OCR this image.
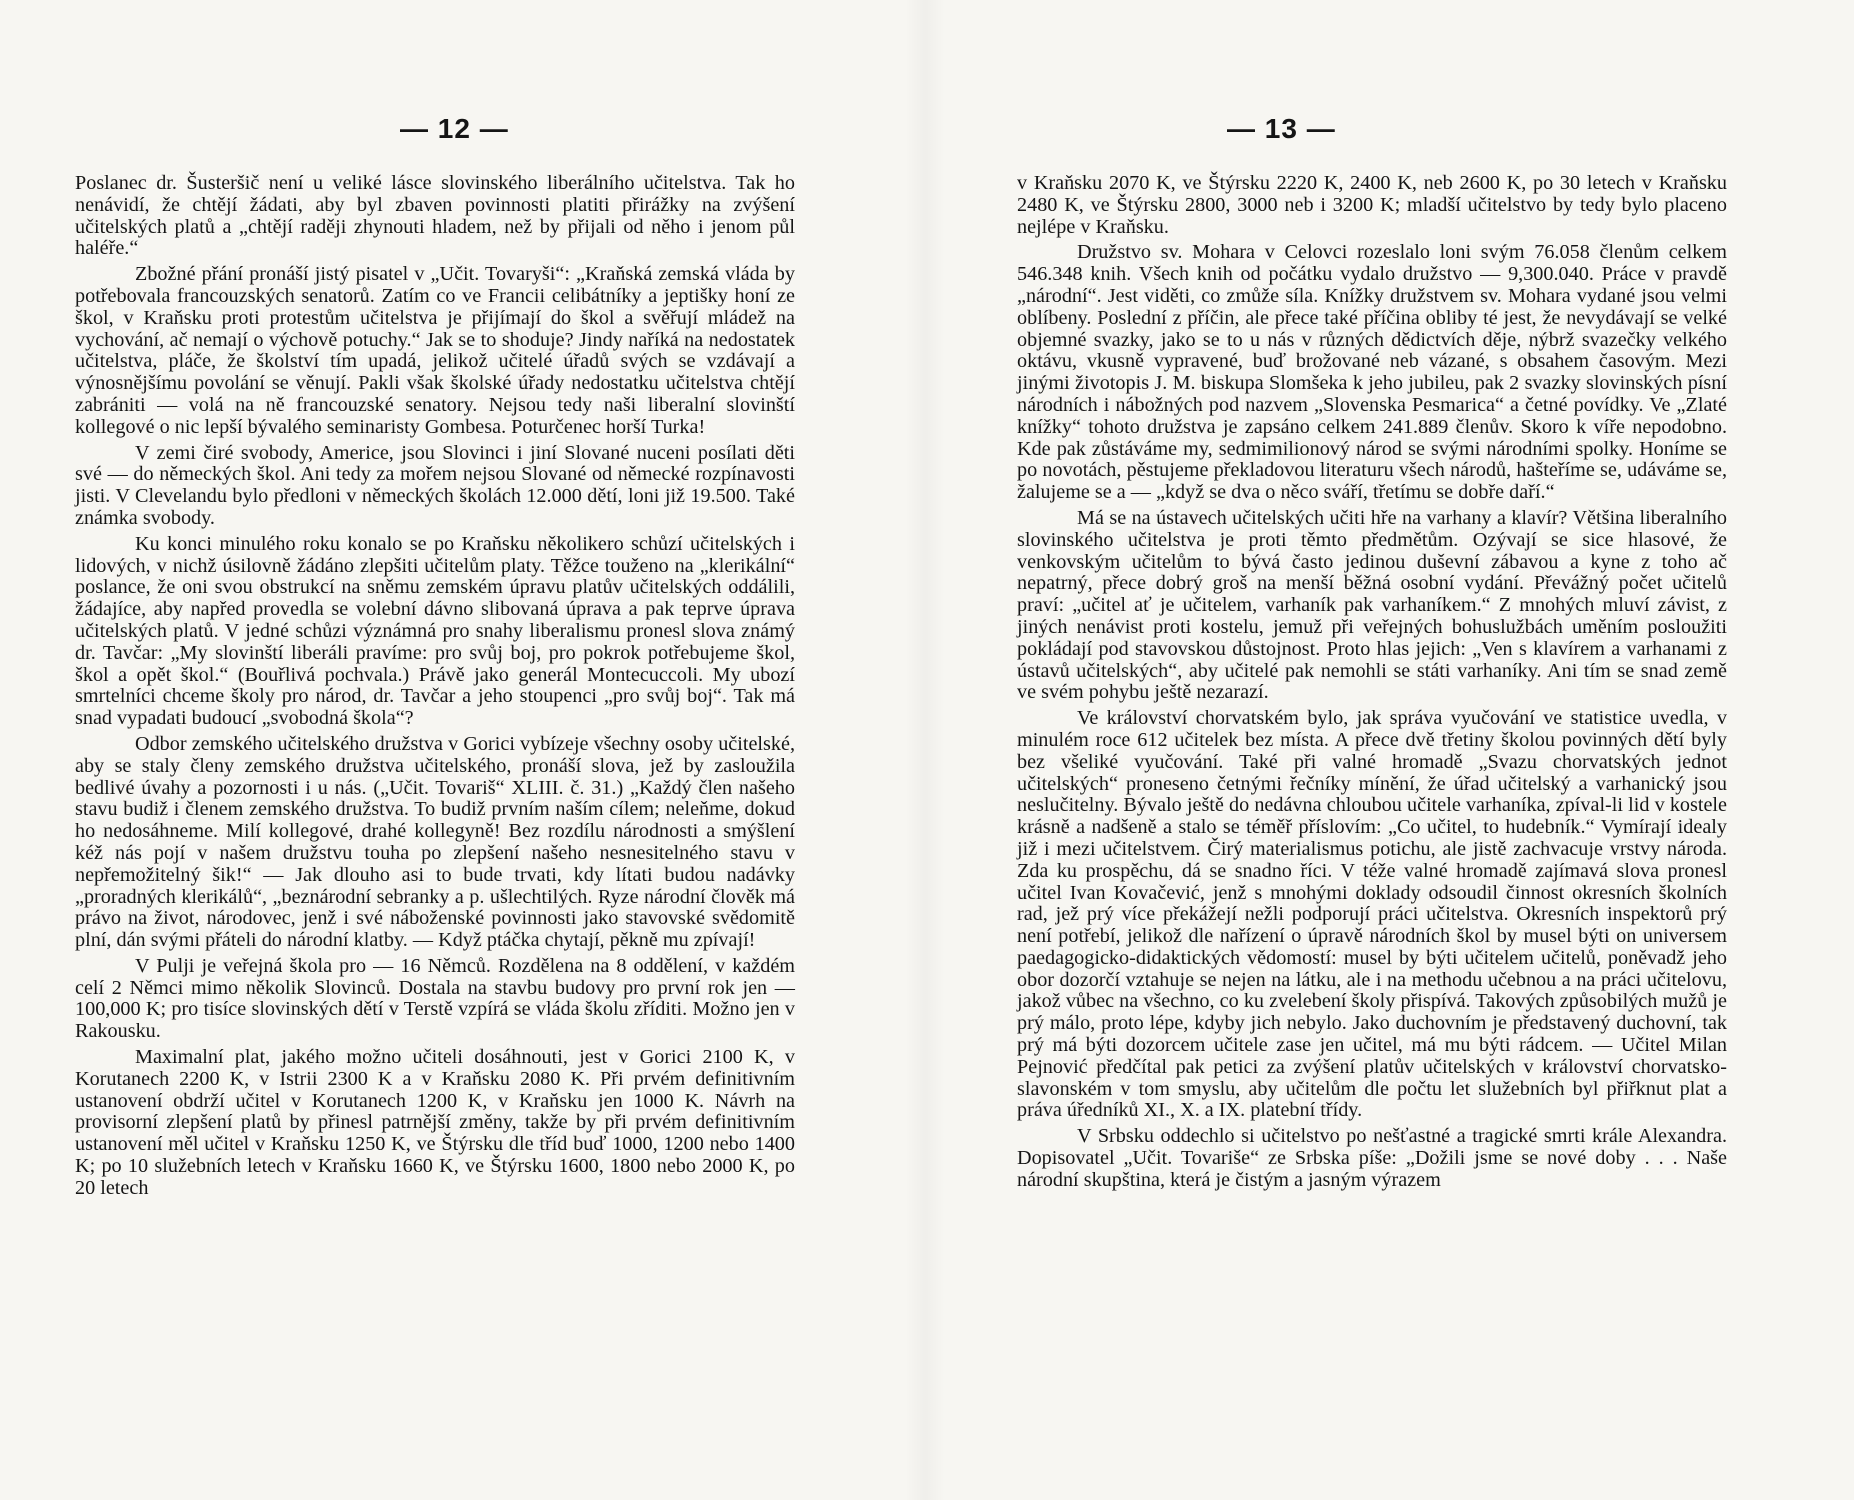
— 12 —

Poslanec dr. Šusteršič není u veliké lásce slovinského liberálního učitelstva. Tak ho nenávidí, že chtějí žádati, aby byl zbaven povinnosti platiti přirážky na zvýšení učitelských platů a „chtějí raději zhynouti hladem, než by přijali od něho i jenom půl haléře.“

Zbožné přání pronáší jistý pisatel v „Učit. Tovaryši“: „Kraňská zemská vláda by potřebovala francouzských senatorů. Zatím co ve Francii celibátníky a jeptišky honí ze škol, v Kraňsku proti protestům učitelstva je přijímají do škol a svěřují mládež na vychování, ač nemají o výchově potuchy.“ Jak se to shoduje? Jindy naříká na nedostatek učitelstva, pláče, že školství tím upadá, jelikož učitelé úřadů svých se vzdávají a výnosnějšímu povolání se věnují. Pakli však školské úřady nedostatku učitelstva chtějí zabrániti — volá na ně francouzské senatory. Nejsou tedy naši liberalní slovinští kollegové o nic lepší bývalého seminaristy Gombesa. Poturčenec horší Turka!

V zemi čiré svobody, Americe, jsou Slovinci i jiní Slované nuceni posílati děti své — do německých škol. Ani tedy za mořem nejsou Slované od německé rozpínavosti jisti. V Clevelandu bylo předloni v německých školách 12.000 dětí, loni již 19.500. Také známka svobody.

Ku konci minulého roku konalo se po Kraňsku několikero schůzí učitelských i lidových, v nichž úsilovně žádáno zlepšiti učitelům platy. Těžce touženo na „klerikální“ poslance, že oni svou obstrukcí na sněmu zemském úpravu platův učitelských oddálili, žádajíce, aby napřed provedla se volební dávno slibovaná úprava a pak teprve úprava učitelských platů. V jedné schůzi význámná pro snahy liberalismu pronesl slova známý dr. Tavčar: „My slovinští liberáli pravíme: pro svůj boj, pro pokrok potřebujeme škol, škol a opět škol.“ (Bouřlivá pochvala.) Právě jako generál Montecuccoli. My ubozí smrtelníci chceme školy pro národ, dr. Tavčar a jeho stoupenci „pro svůj boj“. Tak má snad vypadati budoucí „svobodná škola“?

Odbor zemského učitelského družstva v Gorici vybízeje všechny osoby učitelské, aby se staly členy zemského družstva učitelského, pronáší slova, jež by zasloužila bedlivé úvahy a pozornosti i u nás. („Učit. Tovariš“ XLIII. č. 31.) „Každý člen našeho stavu budiž i členem zemského družstva. To budiž prvním naším cílem; neleňme, dokud ho nedosáhneme. Milí kollegové, drahé kollegyně! Bez rozdílu národnosti a smýšlení kéž nás pojí v našem družstvu touha po zlepšení našeho nesnesitelného stavu v nepřemožitelný šik!“ — Jak dlouho asi to bude trvati, kdy lítati budou nadávky „proradných klerikálů“, „beznárodní sebranky a p. ušlechtilých. Ryze národní člověk má právo na život, národovec, jenž i své náboženské povinnosti jako stavovské svědomitě plní, dán svými přáteli do národní klatby. — Když ptáčka chytají, pěkně mu zpívají!

V Pulji je veřejná škola pro — 16 Němců. Rozdělena na 8 oddělení, v každém celí 2 Němci mimo několik Slovinců. Dostala na stavbu budovy pro první rok jen — 100,000 K; pro tisíce slovinských dětí v Terstě vzpírá se vláda školu zříditi. Možno jen v Rakousku.

Maximalní plat, jakého možno učiteli dosáhnouti, jest v Gorici 2100 K, v Korutanech 2200 K, v Istrii 2300 K a v Kraňsku 2080 K. Při prvém definitivním ustanovení obdrží učitel v Korutanech 1200 K, v Kraňsku jen 1000 K. Návrh na provisorní zlepšení platů by přinesl patrnější změny, takže by při prvém definitivním ustanovení měl učitel v Kraňsku 1250 K, ve Štýrsku dle tříd buď 1000, 1200 nebo 1400 K; po 10 služebních letech v Kraňsku 1660 K, ve Štýrsku 1600, 1800 nebo 2000 K, po 20 letech

— 13 —

v Kraňsku 2070 K, ve Štýrsku 2220 K, 2400 K, neb 2600 K, po 30 letech v Kraňsku 2480 K, ve Štýrsku 2800, 3000 neb i 3200 K; mladší učitelstvo by tedy bylo placeno nejlépe v Kraňsku.

Družstvo sv. Mohara v Celovci rozeslalo loni svým 76.058 členům celkem 546.348 knih. Všech knih od počátku vydalo družstvo — 9,300.040. Práce v pravdě „národní“. Jest viděti, co zmůže síla. Knížky družstvem sv. Mohara vydané jsou velmi oblíbeny. Poslední z příčin, ale přece také příčina obliby té jest, že nevydávají se velké objemné svazky, jako se to u nás v různých dědictvích děje, nýbrž svazečky velkého oktávu, vkusně vypravené, buď brožované neb vázané, s obsahem časovým. Mezi jinými životopis J. M. biskupa Slomšeka k jeho jubileu, pak 2 svazky slovinských písní národních i nábožných pod nazvem „Slovenska Pesmarica“ a četné povídky. Ve „Zlaté knížky“ tohoto družstva je zapsáno celkem 241.889 členův. Skoro k víře nepodobno. Kde pak zůstáváme my, sedmimilionový národ se svými národními spolky. Honíme se po novotách, pěstujeme překladovou literaturu všech národů, hašteříme se, udáváme se, žalujeme se a — „když se dva o něco sváří, třetímu se dobře daří.“

Má se na ústavech učitelských učiti hře na varhany a klavír? Většina liberalního slovinského učitelstva je proti těmto předmětům. Ozývají se sice hlasové, že venkovským učitelům to bývá často jedinou duševní zábavou a kyne z toho ač nepatrný, přece dobrý groš na menší běžná osobní vydání. Převážný počet učitelů praví: „učitel ať je učitelem, varhaník pak varhaníkem.“ Z mnohých mluví závist, z jiných nenávist proti kostelu, jemuž při veřejných bohuslužbách uměním posloužiti pokládají pod stavovskou důstojnost. Proto hlas jejich: „Ven s klavírem a varhanami z ústavů učitelských“, aby učitelé pak nemohli se státi varhaníky. Ani tím se snad země ve svém pohybu ještě nezarazí.

Ve království chorvatském bylo, jak správa vyučování ve statistice uvedla, v minulém roce 612 učitelek bez místa. A přece dvě třetiny školou povinných dětí byly bez všeliké vyučování. Také při valné hromadě „Svazu chorvatských jednot učitelských“ proneseno četnými řečníky mínění, že úřad učitelský a varhanický jsou neslučitelny. Bývalo ještě do nedávna chloubou učitele varhaníka, zpíval-li lid v kostele krásně a nadšeně a stalo se téměř příslovím: „Co učitel, to hudebník.“ Vymírají idealy již i mezi učitelstvem. Čirý materialismus potichu, ale jistě zachvacuje vrstvy národa. Zda ku prospěchu, dá se snadno říci. V téže valné hromadě zajímavá slova pronesl učitel Ivan Kovačević, jenž s mnohými doklady odsoudil činnost okresních školních rad, jež prý více překážejí nežli podporují práci učitelstva. Okresních inspektorů prý není potřebí, jelikož dle nařízení o úpravě národních škol by musel býti on universem paedagogicko-didaktických vědomostí: musel by býti učitelem učitelů, poněvadž jeho obor dozorčí vztahuje se nejen na látku, ale i na methodu učebnou a na práci učitelovu, jakož vůbec na všechno, co ku zvelebení školy přispívá. Takových způsobilých mužů je prý málo, proto lépe, kdyby jich nebylo. Jako duchovním je představený duchovní, tak prý má býti dozorcem učitele zase jen učitel, má mu býti rádcem. — Učitel Milan Pejnović předčítal pak petici za zvýšení platův učitelských v království chorvatsko-slavonském v tom smyslu, aby učitelům dle počtu let služebních byl přiřknut plat a práva úředníků XI., X. a IX. platební třídy.

V Srbsku oddechlo si učitelstvo po nešťastné a tragické smrti krále Alexandra. Dopisovatel „Učit. Tovariše“ ze Srbska píše: „Dožili jsme se nové doby . . . Naše národní skupština, která je čistým a jasným výrazem
